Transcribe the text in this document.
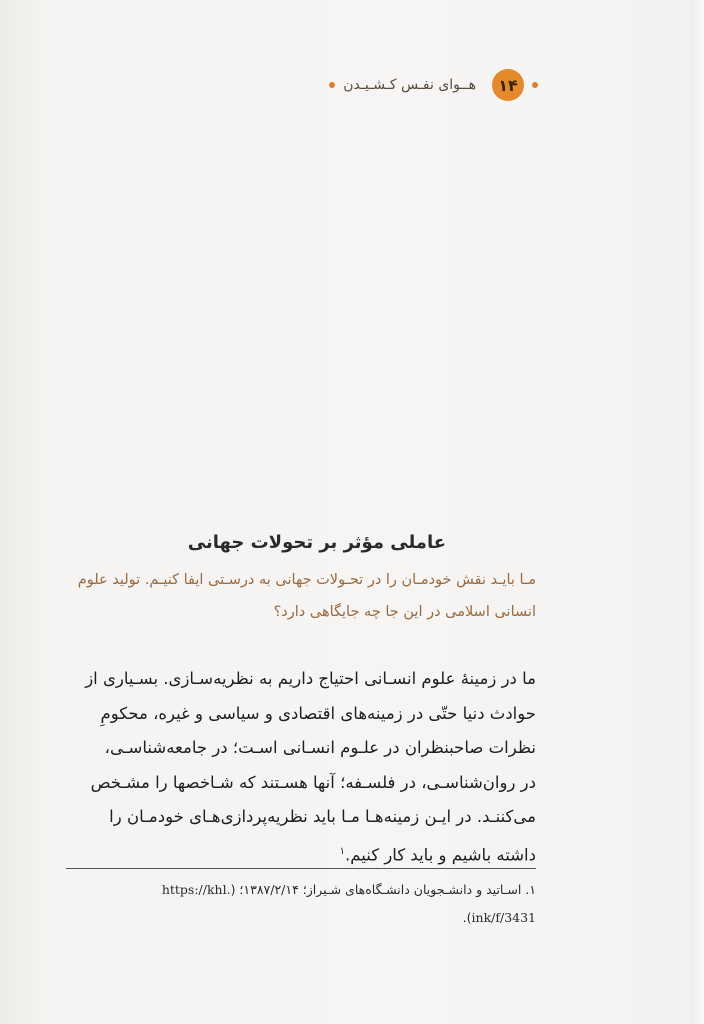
۱۴
هــوای نفـس کـشـیـدن
عاملی مؤثر بر تحولات جهانی
مـا بایـد نقش خودمـان را در تحـولات جهانی به درسـتی ایفا کنیـم. تولید علوم
انسانی اسلامی در این جا چه جایگاهی دارد؟
ما در زمینهٔ علوم انسـانی احتیاج داریم به نظریه‌سـازی. بسـیاری از
حوادث دنیا حتّی در زمینه‌های اقتصادی و سیاسی و غیره، محکومِ
نظرات صاحبنظران در علـوم انسـانی اسـت؛ در جامعه‌شناسـی،
در روان‌شناسـی، در فلسـفه؛ آنها هسـتند که شـاخصها را مشـخص
می‌کننـد. در ایـن زمینه‌هـا مـا باید نظریه‌پردازی‌هـای خودمـان را
داشته باشیم و باید کار کنیم.$^۱$
۱. اسـاتید و دانشـجویان دانشـگاه‌های شـیراز؛ ۱۳۸۷/۲/۱۴؛ (https://khl.
ink/f/3431).
